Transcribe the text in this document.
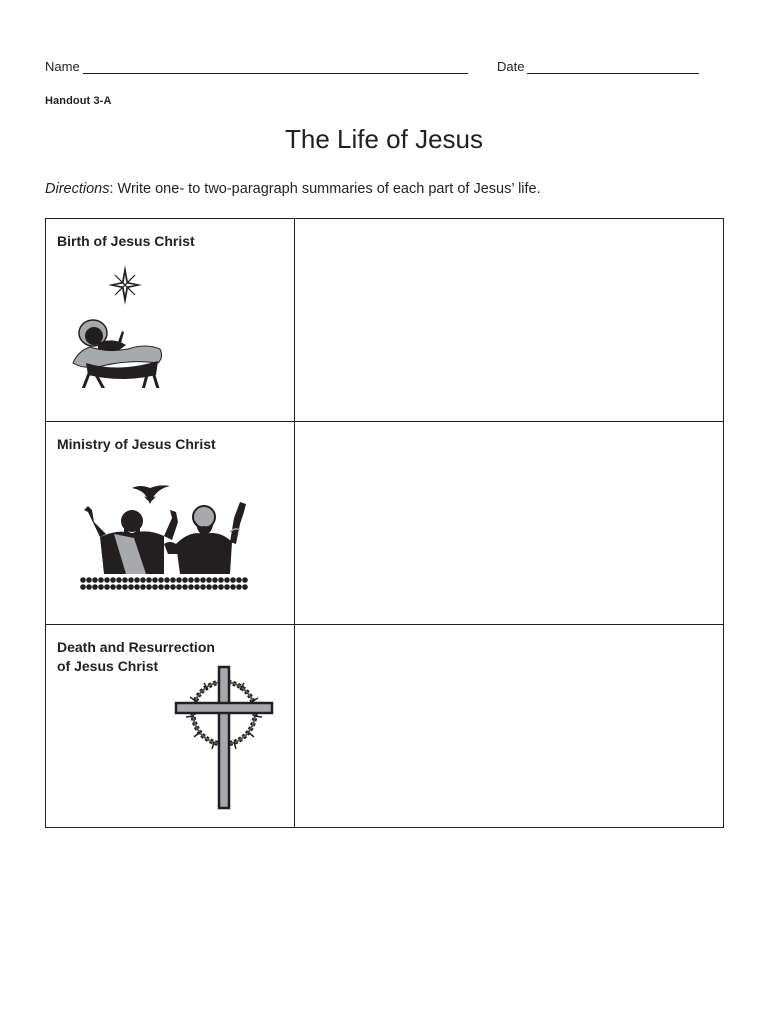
Name	Date
Handout 3-A
The Life of Jesus
Directions: Write one- to two-paragraph summaries of each part of Jesus’ life.
Birth of Jesus Christ	

Ministry of Jesus Christ	

Death and Resurrection
of Jesus Christ	
